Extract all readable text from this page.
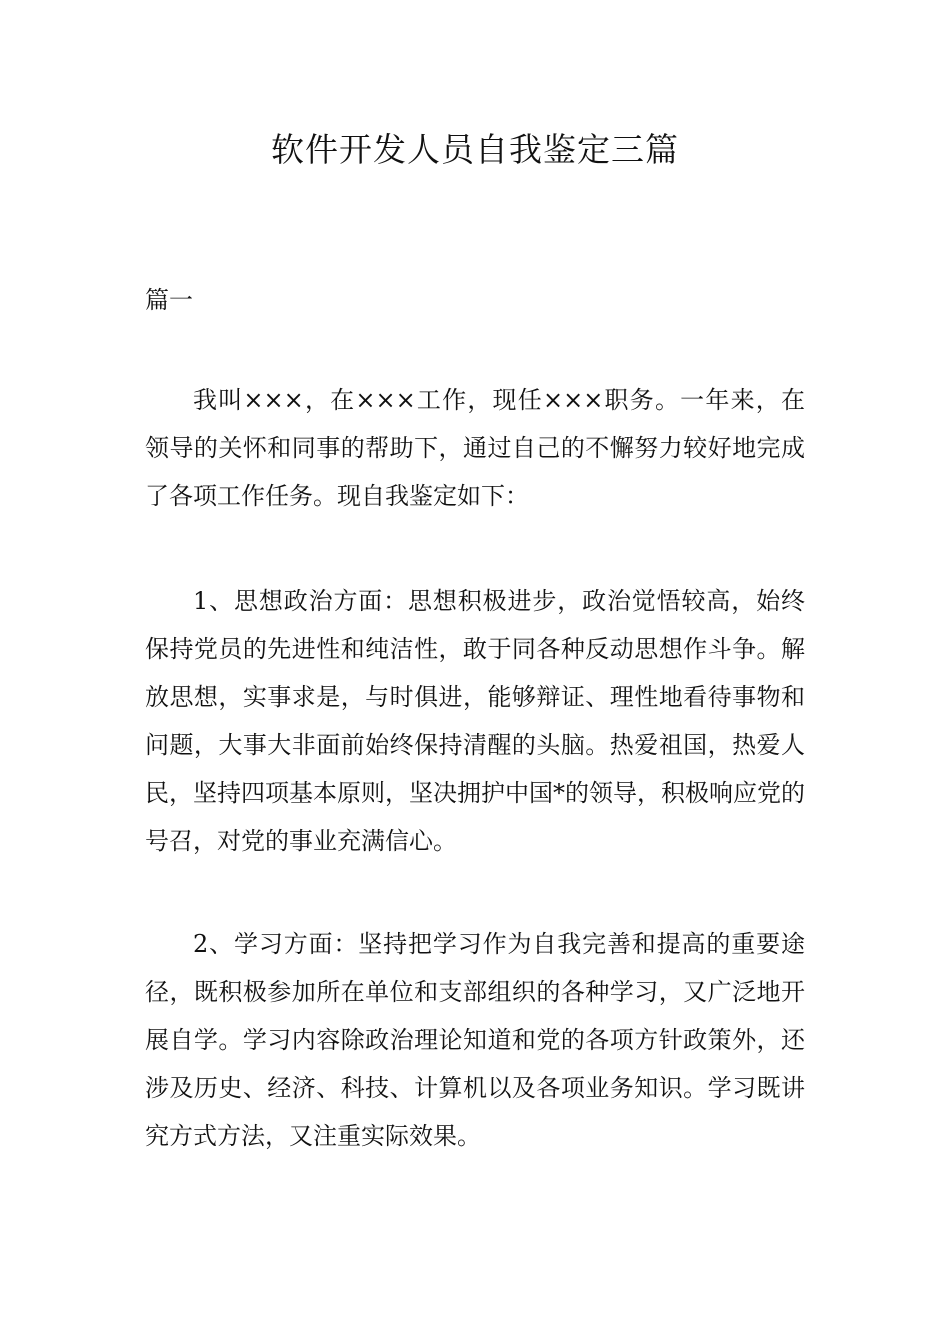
软件开发人员自我鉴定三篇

篇一

我叫×××，在×××工作，现任×××职务。一年来，在领导的关怀和同事的帮助下，通过自己的不懈努力较好地完成了各项工作任务。现自我鉴定如下：

1、思想政治方面：思想积极进步，政治觉悟较高，始终保持党员的先进性和纯洁性，敢于同各种反动思想作斗争。解放思想，实事求是，与时俱进，能够辩证、理性地看待事物和问题，大事大非面前始终保持清醒的头脑。热爱祖国，热爱人民，坚持四项基本原则，坚决拥护中国*的领导，积极响应党的号召，对党的事业充满信心。

2、学习方面：坚持把学习作为自我完善和提高的重要途径，既积极参加所在单位和支部组织的各种学习，又广泛地开展自学。学习内容除政治理论知道和党的各项方针政策外，还涉及历史、经济、科技、计算机以及各项业务知识。学习既讲究方式方法，又注重实际效果。
